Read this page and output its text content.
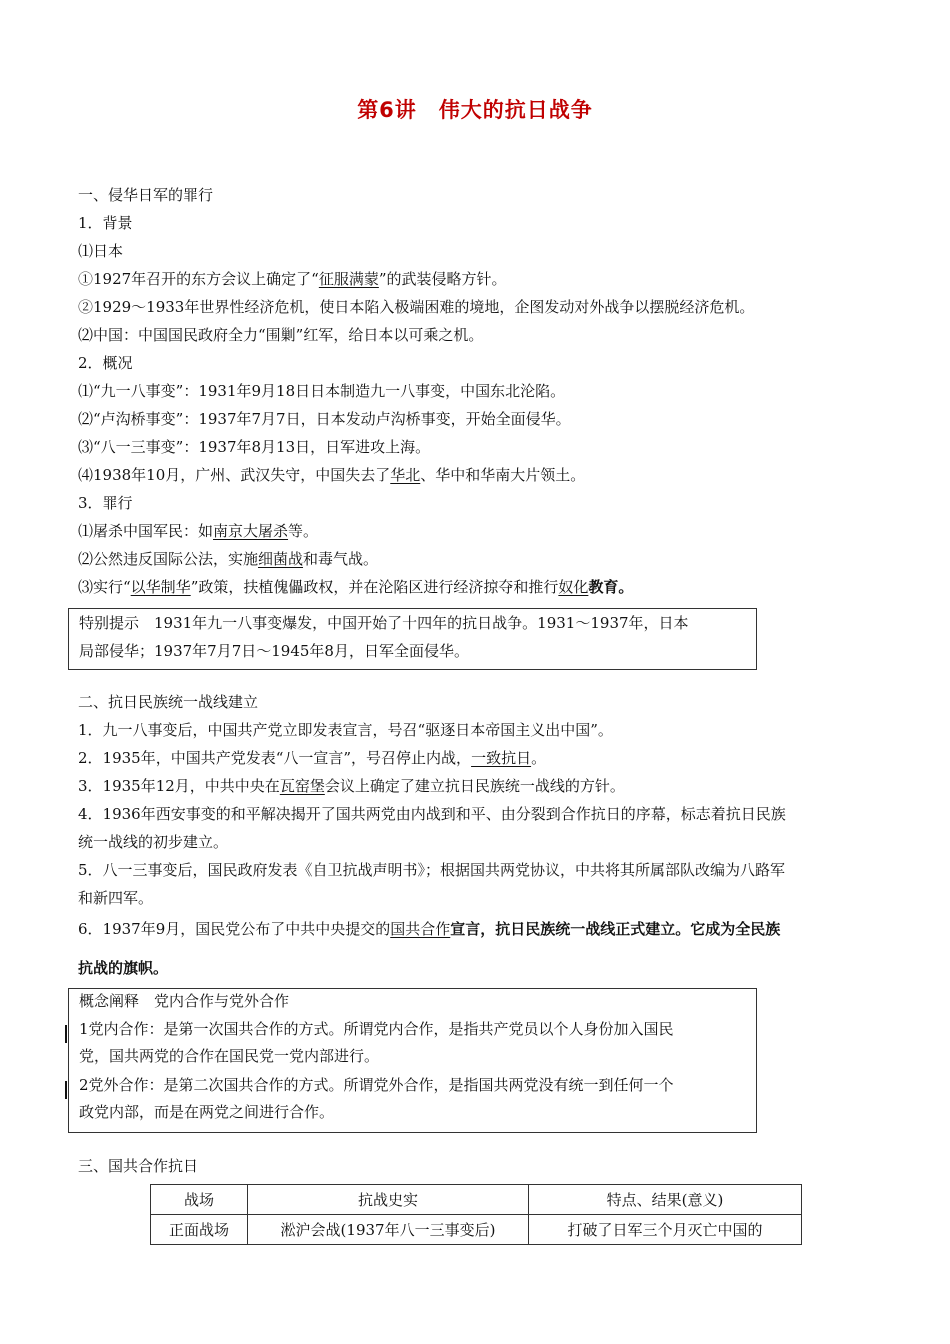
第6讲　伟大的抗日战争
一、侵华日军的罪行
1．背景
⑴日本
①1927年召开的东方会议上确定了“征服满蒙”的武装侵略方针。
②1929～1933年世界性经济危机，使日本陷入极端困难的境地，企图发动对外战争以摆脱经济危机。
⑵中国：中国国民政府全力“围剿”红军，给日本以可乘之机。
2．概况
⑴“九一八事变”：1931年9月18日日本制造九一八事变，中国东北沦陷。
⑵“卢沟桥事变”：1937年7月7日，日本发动卢沟桥事变，开始全面侵华。
⑶“八一三事变”：1937年8月13日，日军进攻上海。
⑷1938年10月，广州、武汉失守，中国失去了华北、华中和华南大片领土。
3．罪行
⑴屠杀中国军民：如南京大屠杀等。
⑵公然违反国际公法，实施细菌战和毒气战。
⑶实行“以华制华”政策，扶植傀儡政权，并在沦陷区进行经济掠夺和推行奴化教育。
特别提示　1931年九一八事变爆发，中国开始了十四年的抗日战争。1931～1937年，日本
局部侵华；1937年7月7日～1945年8月，日军全面侵华。
二、抗日民族统一战线建立
1．九一八事变后，中国共产党立即发表宣言，号召“驱逐日本帝国主义出中国”。
2．1935年，中国共产党发表“八一宣言”，号召停止内战，一致抗日。
3．1935年12月，中共中央在瓦窑堡会议上确定了建立抗日民族统一战线的方针。
4．1936年西安事变的和平解决揭开了国共两党由内战到和平、由分裂到合作抗日的序幕，标志着抗日民族
统一战线的初步建立。
5．八一三事变后，国民政府发表《自卫抗战声明书》；根据国共两党协议，中共将其所属部队改编为八路军
和新四军。
6．1937年9月，国民党公布了中共中央提交的国共合作宣言，抗日民族统一战线正式建立。它成为全民族
抗战的旗帜。
概念阐释　党内合作与党外合作
1党内合作：是第一次国共合作的方式。所谓党内合作，是指共产党员以个人身份加入国民
党，国共两党的合作在国民党一党内部进行。
2党外合作：是第二次国共合作的方式。所谓党外合作，是指国共两党没有统一到任何一个
政党内部，而是在两党之间进行合作。
三、国共合作抗日
战场	抗战史实	特点、结果(意义)
正面战场	淞沪会战(1937年八一三事变后)	打破了日军三个月灭亡中国的
